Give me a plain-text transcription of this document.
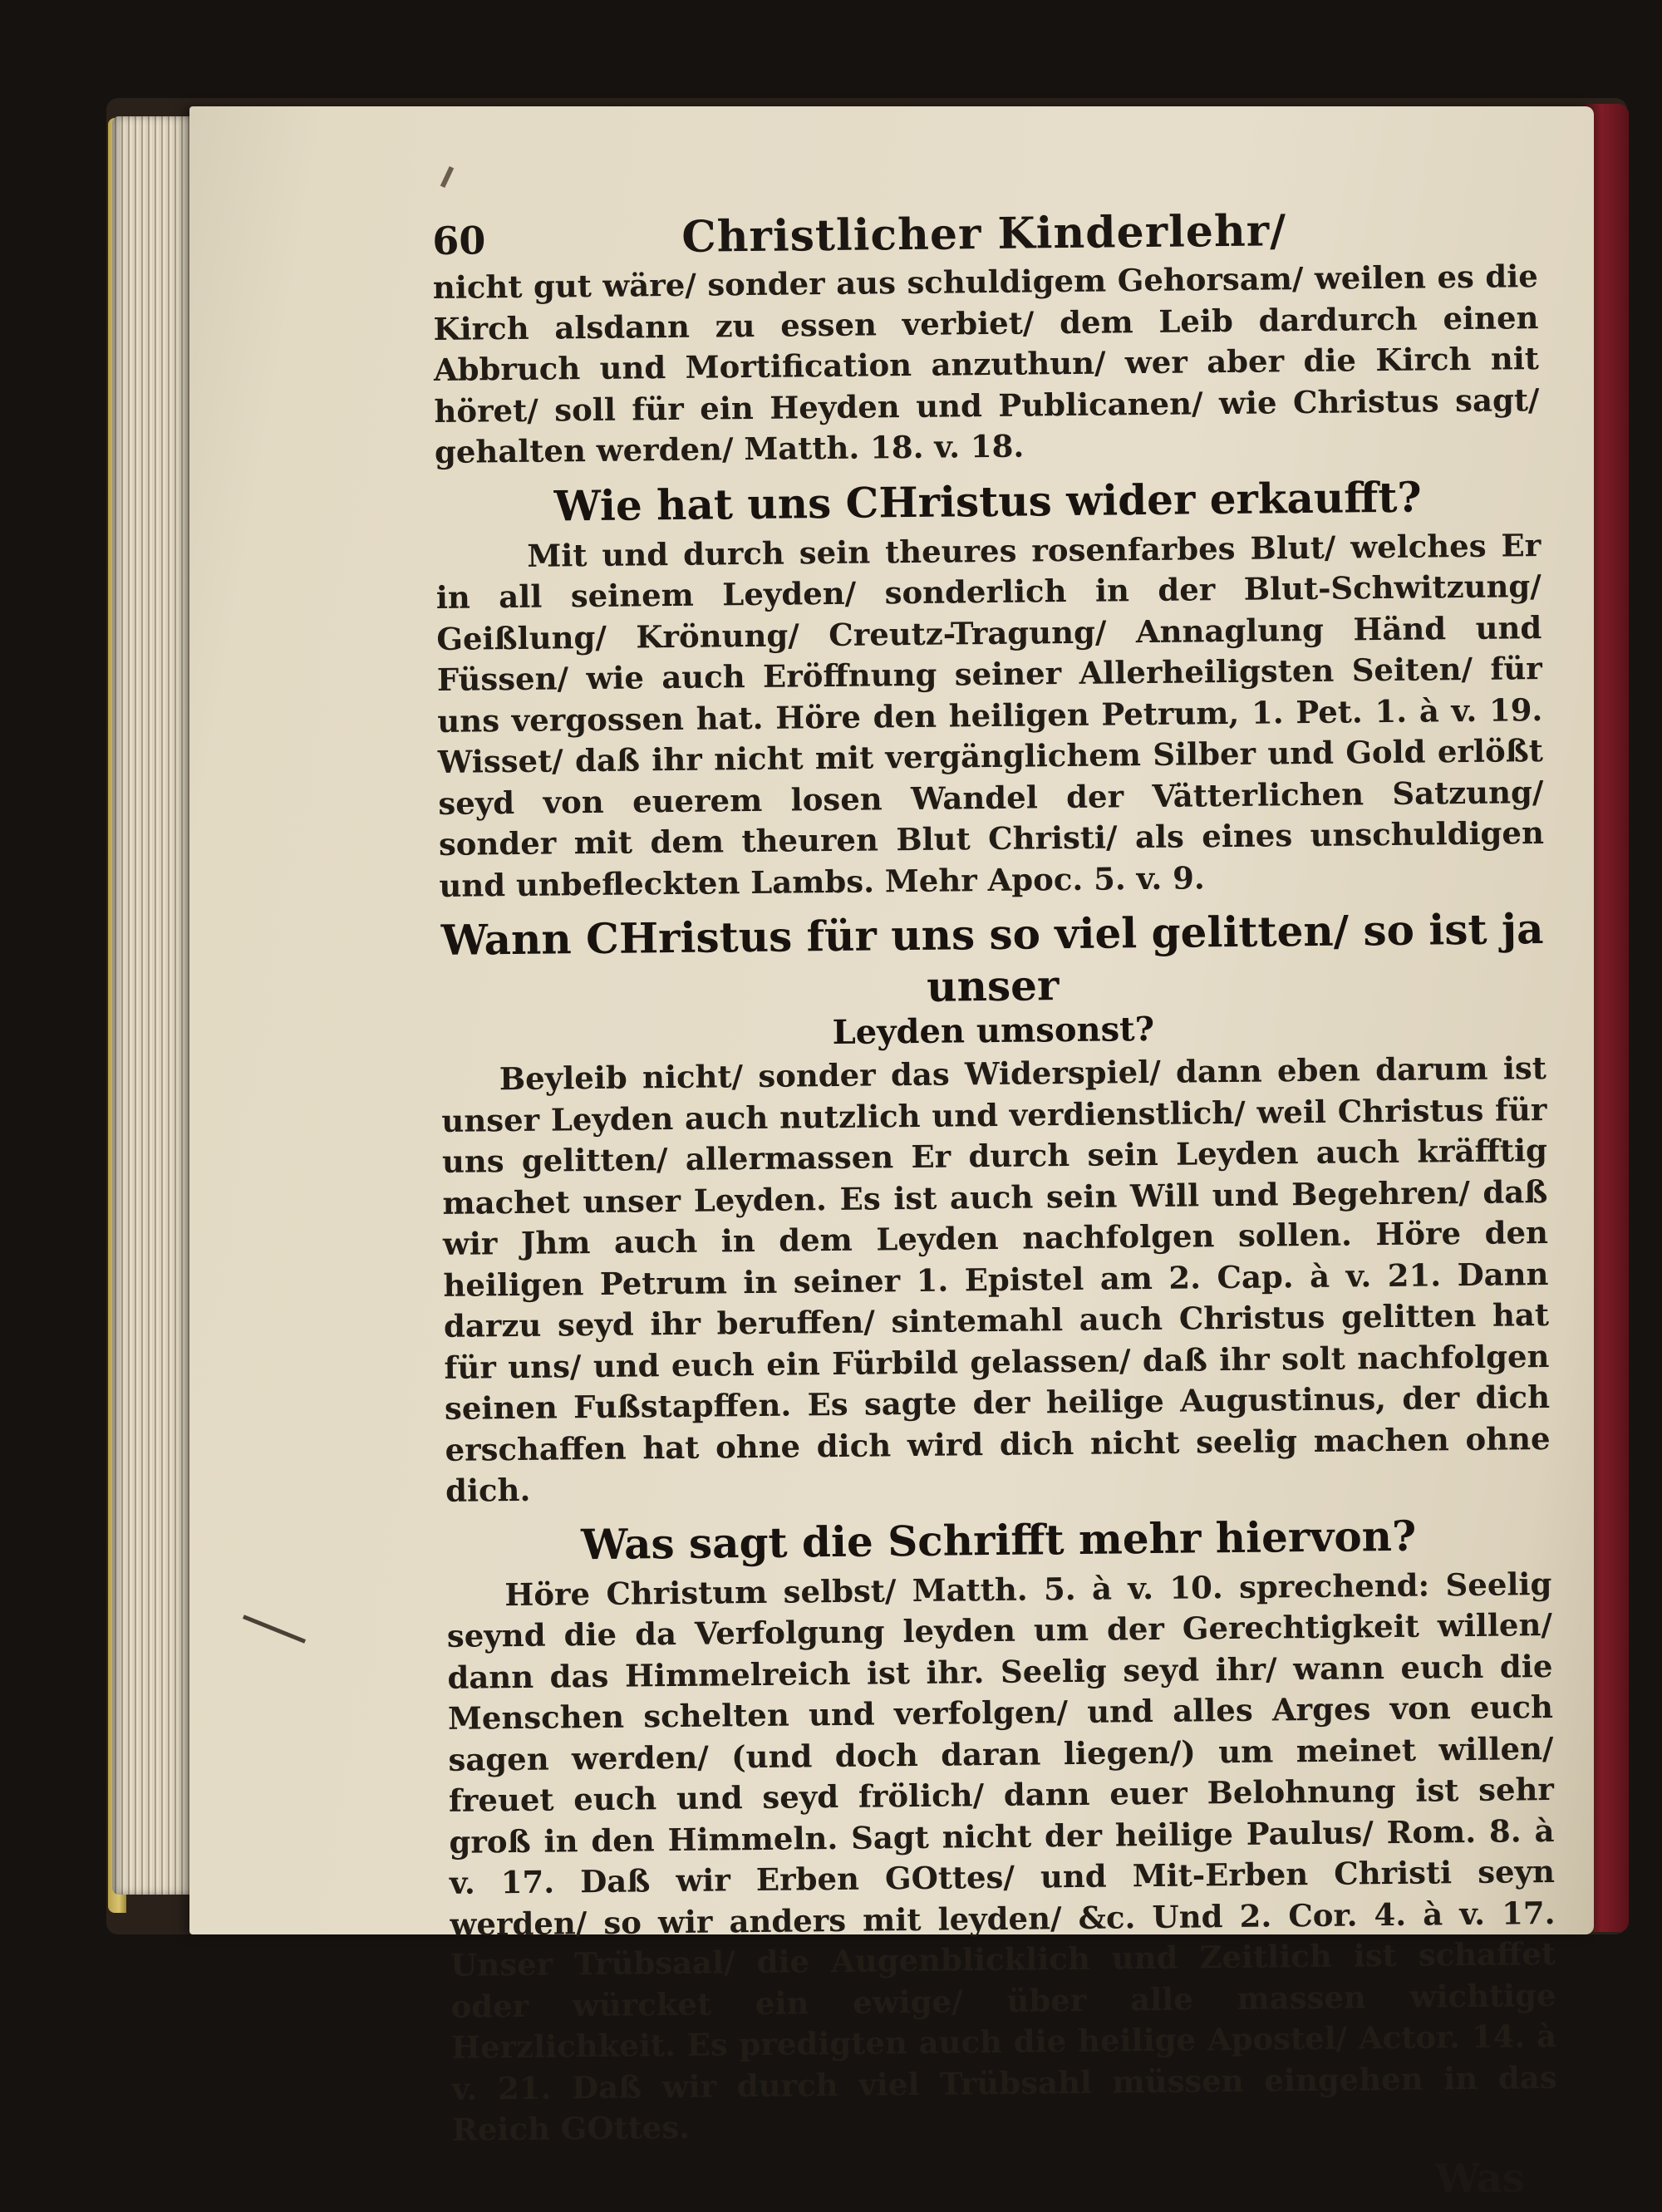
60	Christlicher Kinderlehr/

nicht gut wäre/ sonder aus schuldigem Gehorsam/ weilen es die Kirch alsdann zu essen verbiet/ dem Leib dardurch einen Abbruch und Mortification anzuthun/ wer aber die Kirch nit höret/ soll für ein Heyden und Publicanen/ wie Christus sagt/ gehalten werden/ Matth. 18. v. 18.

Wie hat uns CHristus wider erkaufft?

Mit und durch sein theures rosenfarbes Blut/ welches Er in all seinem Leyden/ sonderlich in der Blut-Schwitzung/ Geißlung/ Krönung/ Creutz-Tragung/ Annaglung Händ und Füssen/ wie auch Eröffnung seiner Allerheiligsten Seiten/ für uns vergossen hat. Höre den heiligen Petrum, 1. Pet. 1. à v. 19. Wisset/ daß ihr nicht mit vergänglichem Silber und Gold erlößt seyd von euerem losen Wandel der Vätterlichen Satzung/ sonder mit dem theuren Blut Christi/ als eines unschuldigen und unbefleckten Lambs. Mehr Apoc. 5. v. 9.

Wann CHristus für uns so viel gelitten/ so ist ja unser
Leyden umsonst?

Beyleib nicht/ sonder das Widerspiel/ dann eben darum ist unser Leyden auch nutzlich und verdienstlich/ weil Christus für uns gelitten/ allermassen Er durch sein Leyden auch kräfftig machet unser Leyden. Es ist auch sein Will und Begehren/ daß wir Jhm auch in dem Leyden nachfolgen sollen. Höre den heiligen Petrum in seiner 1. Epistel am 2. Cap. à v. 21. Dann darzu seyd ihr beruffen/ sintemahl auch Christus gelitten hat für uns/ und euch ein Fürbild gelassen/ daß ihr solt nachfolgen seinen Fußstapffen. Es sagte der heilige Augustinus, der dich erschaffen hat ohne dich wird dich nicht seelig machen ohne dich.

Was sagt die Schrifft mehr hiervon?

Höre Christum selbst/ Matth. 5. à v. 10. sprechend: Seelig seynd die da Verfolgung leyden um der Gerechtigkeit willen/ dann das Himmelreich ist ihr. Seelig seyd ihr/ wann euch die Menschen schelten und verfolgen/ und alles Arges von euch sagen werden/ (und doch daran liegen/) um meinet willen/ freuet euch und seyd frölich/ dann euer Belohnung ist sehr groß in den Himmeln. Sagt nicht der heilige Paulus/ Rom. 8. à v. 17. Daß wir Erben GOttes/ und Mit-Erben Christi seyn werden/ so wir anders mit leyden/ &c. Und 2. Cor. 4. à v. 17. Unser Trübsaal/ die Augenblicklich und Zeitlich ist schaffet oder würcket ein ewige/ über alle massen wichtige Herzlichkeit. Es predigten auch die heilige Apostel/ Actor. 14. à v. 21. Daß wir durch viel Trübsahl müssen eingehen in das Reich GOttes.

Was
